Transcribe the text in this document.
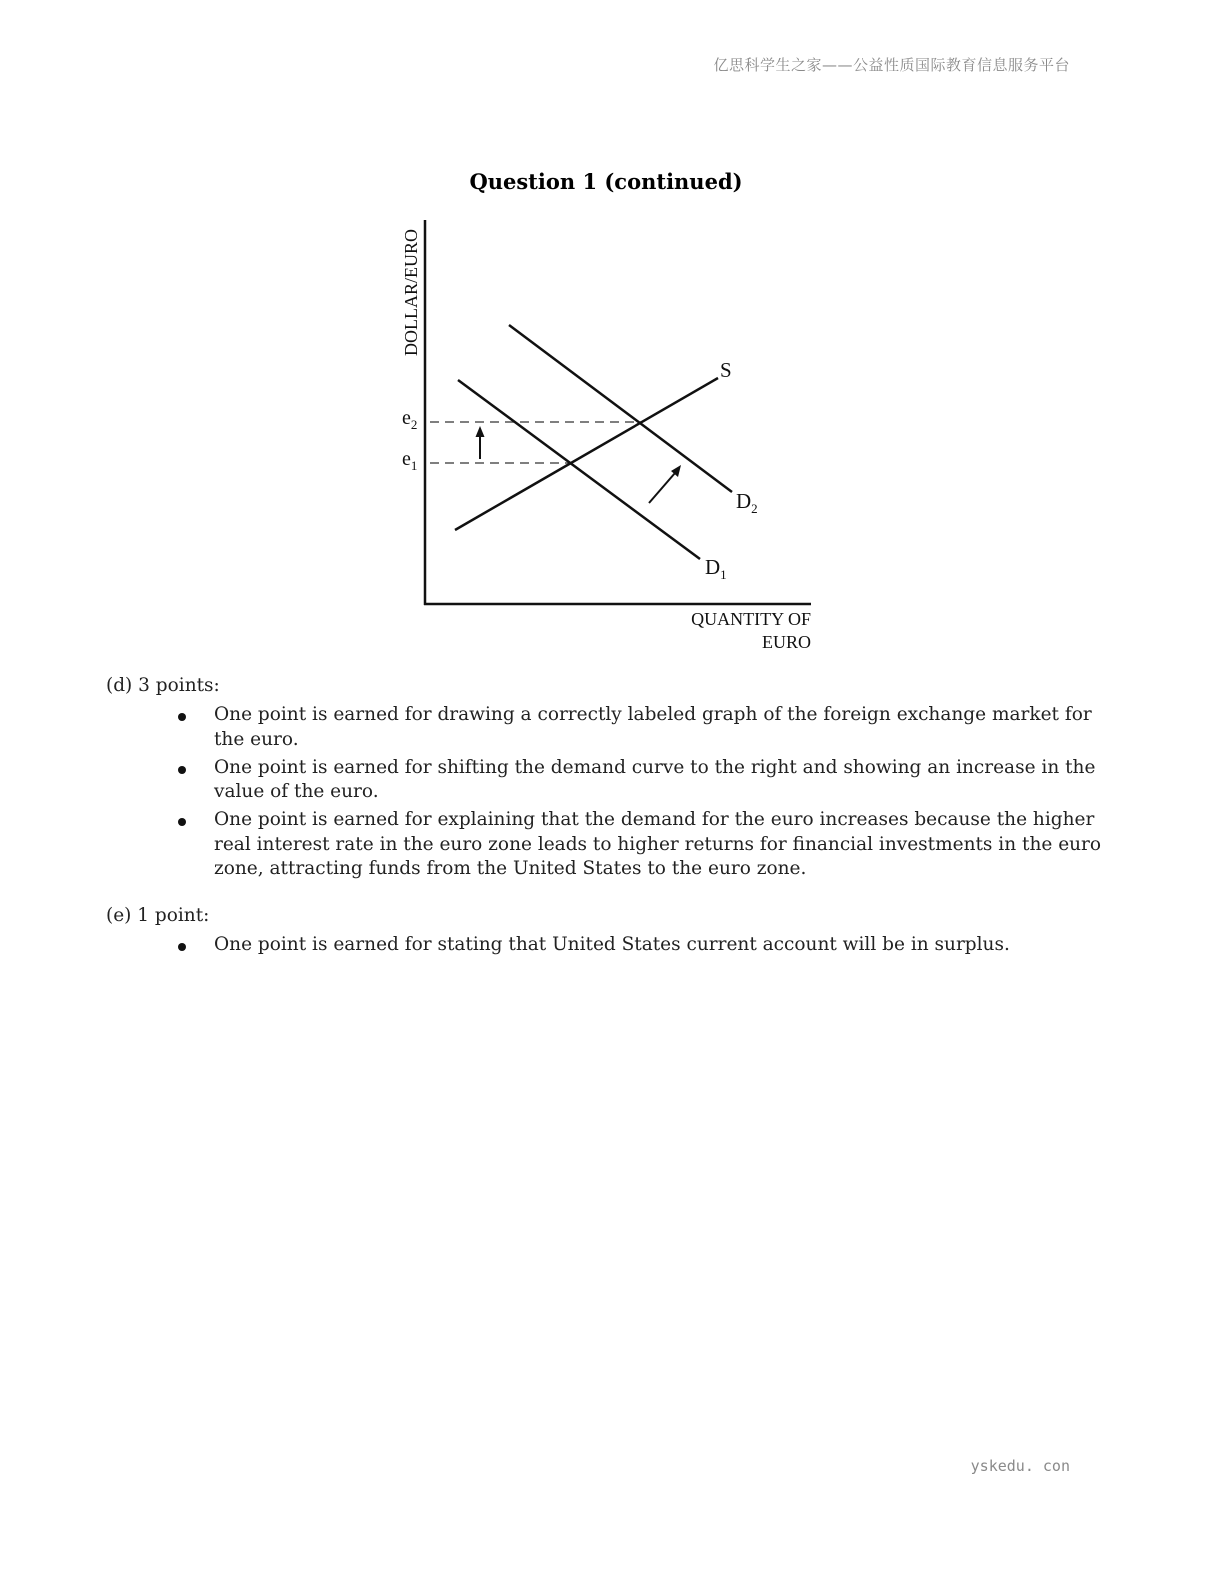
亿思科学生之家——公益性质国际教育信息服务平台
Question 1 (continued)
DOLLAR/EURO
$e_2$
$e_1$
S
$D_1$
$D_2$
QUANTITY OF
EURO
(d) 3 points:
One point is earned for drawing a correctly labeled graph of the foreign exchange market for the euro.
One point is earned for shifting the demand curve to the right and showing an increase in the value of the euro.
One point is earned for explaining that the demand for the euro increases because the higher real interest rate in the euro zone leads to higher returns for financial investments in the euro zone, attracting funds from the United States to the euro zone.
(e) 1 point:
One point is earned for stating that United States current account will be in surplus.
yskedu. con
